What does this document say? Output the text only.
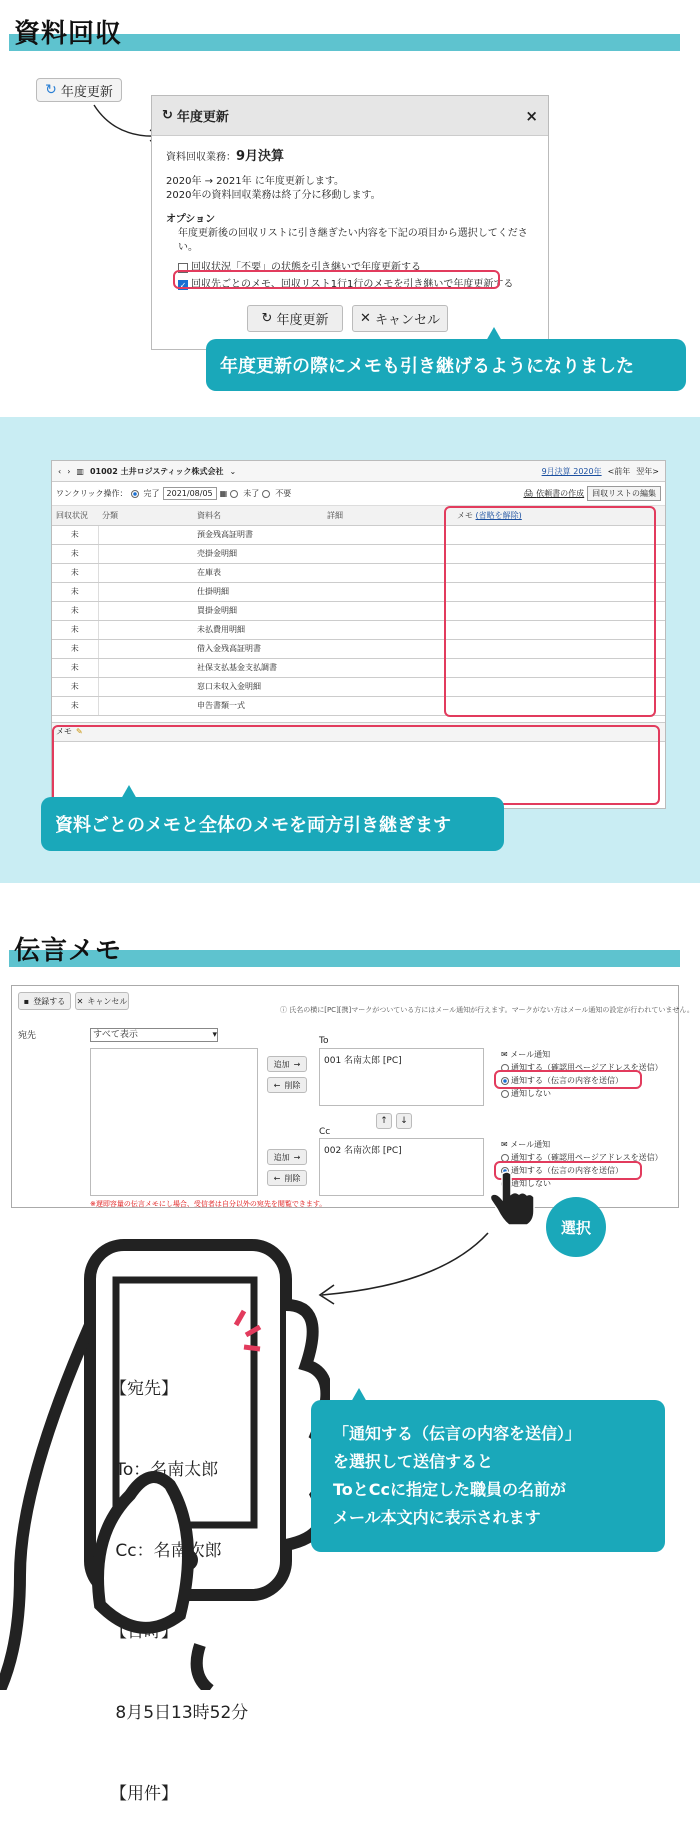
資料回収
↻ 年度更新
↻ 年度更新	×
資料回収業務：9月決算
2020年 → 2021年 に年度更新します。
2020年の資料回収業務は終了分に移動します。
オプション
年度更新後の回収リストに引き継ぎたい内容を下記の項目から選択してください。
回収状況「不要」の状態を引き継いで年度更新する
✓ 回収先ごとのメモ、回収リスト1行1行のメモを引き継いで年度更新する
↻ 年度更新 ✕ キャンセル
年度更新の際にメモも引き継げるようになりました
‹ › ▥ 01002 土井ロジスティック株式会社 ⌄	9月決算 2020年 <前年 翌年>
ワンクリック操作： 完了 2021/08/05 ▦ 未了 不要	🖨 依頼書の作成	回収リストの編集
回収状況	分類	資料名	詳細	メモ (省略を解除)
未		預金残高証明書		
未		売掛金明細		
未		在庫表		
未		仕掛明細		
未		買掛金明細		
未		未払費用明細		
未		借入金残高証明書		
未		社保支払基金支払調書		
未		窓口未収入金明細		
未		申告書類一式		
メモ ✎
資料ごとのメモと全体のメモを両方引き継ぎます
伝言メモ
▪ 登録する ✕ キャンセル
ⓘ 氏名の横に[PC][携]マークがついている方にはメール通知が行えます。マークがない方はメール通知の設定が行われていません。
宛先	すべて表示	▾
追加 →
← 削除
To
001 名南太郎 [PC]
↑	↓
追加 →
← 削除
Cc
002 名南次郎 [PC]
✉ メール通知
通知する（確認用ページアドレスを送信）
通知する（伝言の内容を送信）
通知しない
✉ メール通知
通知する（確認用ページアドレスを送信）
通知する（伝言の内容を送信）
通知しない
※遅即容量の伝言メモにし場合、受信者は自分以外の宛先を閲覧できます。
選択

【宛先】

To：名南太郎

Cc：名南次郎

【日時】

8月5日13時52分

【用件】

「通知する（伝言の内容を送信）」
を選択して送信すると
ToとCcに指定した職員の名前が
メール本文内に表示されます
